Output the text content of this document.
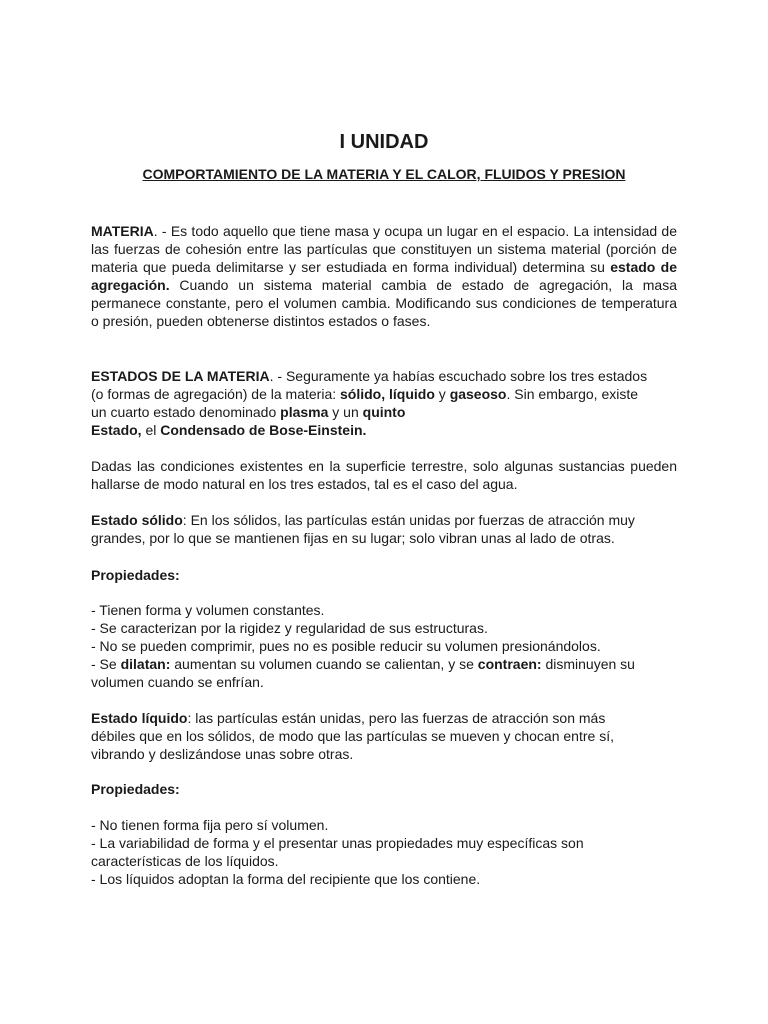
I UNIDAD
COMPORTAMIENTO DE LA MATERIA Y EL CALOR, FLUIDOS Y PRESION

MATERIA. - Es todo aquello que tiene masa y ocupa un lugar en el espacio. La intensidad de las fuerzas de cohesión entre las partículas que constituyen un sistema material (porción de materia que pueda delimitarse y ser estudiada en forma individual) determina su estado de agregación. Cuando un sistema material cambia de estado de agregación, la masa permanece constante, pero el volumen cambia. Modificando sus condiciones de temperatura o presión, pueden obtenerse distintos estados o fases.

ESTADOS DE LA MATERIA. - Seguramente ya habías escuchado sobre los tres estados (o formas de agregación) de la materia: sólido, líquido y gaseoso. Sin embargo, existe un cuarto estado denominado plasma y un quinto
Estado, el Condensado de Bose-Einstein.

Dadas las condiciones existentes en la superficie terrestre, solo algunas sustancias pueden hallarse de modo natural en los tres estados, tal es el caso del agua.

Estado sólido: En los sólidos, las partículas están unidas por fuerzas de atracción muy grandes, por lo que se mantienen fijas en su lugar; solo vibran unas al lado de otras.

Propiedades:

- Tienen forma y volumen constantes.
- Se caracterizan por la rigidez y regularidad de sus estructuras.
- No se pueden comprimir, pues no es posible reducir su volumen presionándolos.
- Se dilatan: aumentan su volumen cuando se calientan, y se contraen: disminuyen su
volumen cuando se enfrían.
Estado líquido: las partículas están unidas, pero las fuerzas de atracción son más
débiles que en los sólidos, de modo que las partículas se mueven y chocan entre sí,
vibrando y deslizándose unas sobre otras.

Propiedades:

- No tienen forma fija pero sí volumen.
- La variabilidad de forma y el presentar unas propiedades muy específicas son
características de los líquidos.
- Los líquidos adoptan la forma del recipiente que los contiene.
